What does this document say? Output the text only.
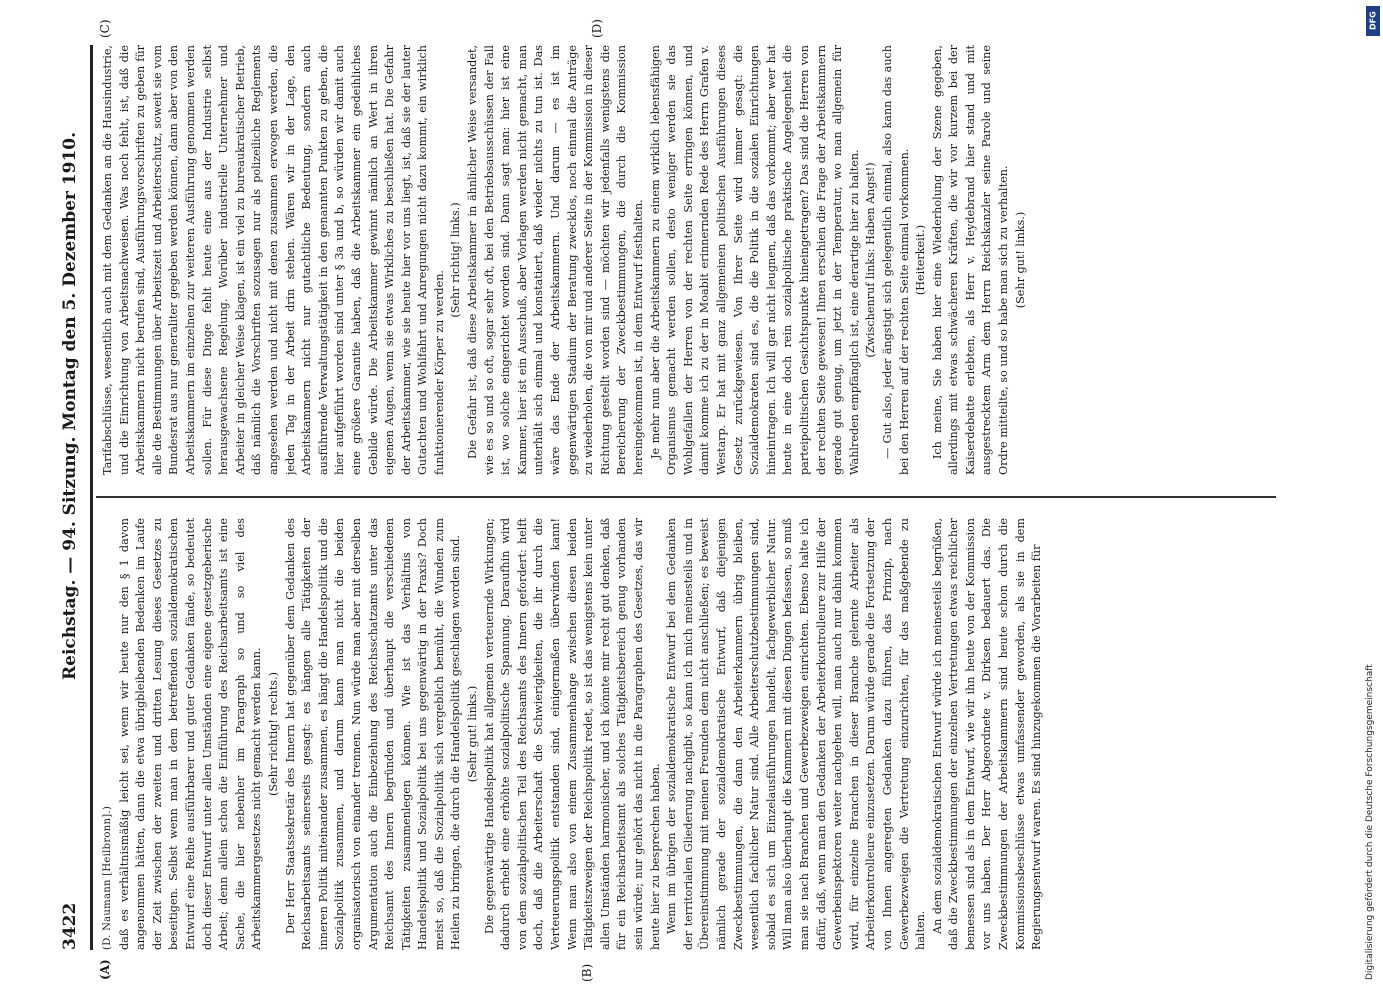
3422
Reichstag. — 94. Sitzung. Montag den 5. Dezember 1910.
(A)	(B)
(C)	(D)

(D. Naumann [Heilbronn].) daß es verhältnismäßig leicht sei, wenn wir heute nur den § 1 davon angenommen hätten, dann die etwa übrigbleibenden Bedenken im Laufe der Zeit zwischen der zweiten und dritten Lesung dieses Gesetzes zu beseitigen. Selbst wenn man in dem betreffenden sozialdemokratischen Entwurf eine Reihe ausführbarer und guter Gedanken fände, so bedeutet doch dieser Entwurf unter allen Umständen eine eigene gesetzgeberische Arbeit; denn allein schon die Einführung des Reichsarbeitsamts ist eine Sache, die hier nebenher im Paragraph so und so viel des Arbeitskammergesetzes nicht gemacht werden kann. (Sehr richtig! rechts.) Der Herr Staatssekretär des Innern hat gegenüber dem Gedanken des Reichsarbeitsamts seinerseits gesagt: es hängen alle Tätigkeiten der inneren Politik miteinander zusammen, es hängt die Handelspolitik und die Sozialpolitik zusammen, und darum kann man nicht die beiden organisatorisch von einander trennen. Nun würde man aber mit derselben Argumentation auch die Einbeziehung des Reichsschatzamts unter das Reichsamt des Innern begründen und überhaupt die verschiedenen Tätigkeiten zusammenlegen können. Wie ist das Verhältnis von Handelspolitik und Sozialpolitik bei uns gegenwärtig in der Praxis? Doch meist so, daß die Sozialpolitik sich vergeblich bemüht, die Wunden zum Heilen zu bringen, die durch die Handelspolitik geschlagen worden sind. (Sehr gut! links.) Die gegenwärtige Handelspolitik hat allgemein verteuernde Wirkungen; dadurch erhebt eine erhöhte sozialpolitische Spannung. Daraufhin wird von dem sozialpolitischen Teil des Reichsamts des Innern gefordert: helft doch, daß die Arbeiterschaft die Schwierigkeiten, die ihr durch die Verteuerungspolitik entstanden sind, einigermaßen überwinden kann! Wenn man also von einem Zusammenhange zwischen diesen beiden Tätigkeitszweigen der Reichspolitik redet, so ist das wenigstens kein unter allen Umständen harmonischer, und ich könnte mir recht gut denken, daß für ein Reichsarbeitsamt als solches Tätigkeitsbereich genug vorhanden sein würde; nur gehört das nicht in die Paragraphen des Gesetzes, das wir heute hier zu besprechen haben. Wenn im übrigen der sozialdemokratische Entwurf bei dem Gedanken der territorialen Gliederung nachgibt, so kann ich mich meinesteils und in Übereinstimmung mit meinen Freunden dem nicht anschließen; es beweist nämlich gerade der sozialdemokratische Entwurf, daß diejenigen Zweckbestimmungen, die dann den Arbeiterkammern übrig bleiben, wesentlich fachlicher Natur sind. Alle Arbeiterschutzbestimmungen sind, sobald es sich um Einzelausführungen handelt, fachgewerblicher Natur. Will man also überhaupt die Kammern mit diesen Dingen befassen, so muß man sie nach Branchen und Gewerbezweigen einrichten. Ebenso halte ich dafür, daß, wenn man den Gedanken der Arbeiterkontrolleure zur Hilfe der Gewerbeinspektoren weiter nachgehen will, man auch nur dahin kommen wird, für einzelne Branchen in dieser Branche gelernte Arbeiter als Arbeiterkontrolleure einzusetzen. Darum würde gerade die Fortsetzung der von Ihnen angeregten Gedanken dazu führen, das Prinzip, nach Gewerbezweigen die Vertretung einzurichten, für das maßgebende zu halten. An dem sozialdemokratischen Entwurf würde ich meinesteils begrüßen, daß die Zweckbestimmungen der einzelnen Vertretungen etwas reichlicher bemessen sind als in dem Entwurf, wie wir ihn heute von der Kommission vor uns haben. Der Herr Abgeordnete v. Dirksen bedauert das. Die Zweckbestimmungen der Arbeitskammern sind heute schon durch die Kommissionsbeschlüsse etwas umfassender geworden, als sie in dem Regierungsentwurf waren. Es sind hinzugekommen die Vorarbeiten für

Tarifabschlüsse, wesentlich auch mit dem Gedanken an die Hausindustrie, und die Einrichtung von Arbeitsnachweisen. Was noch fehlt, ist, daß die Arbeitskammern nicht berufen sind, Ausführungsvorschriften zu geben für alle die Bestimmungen über Arbeitszeit und Arbeiterschutz, soweit sie vom Bundesrat aus nur generaliter gegeben werden können, dann aber von den Arbeitskammern im einzelnen zur weiteren Ausführung genommen werden sollen. Für diese Dinge fehlt heute eine aus der Industrie selbst herausgewachsene Regelung. Worüber industrielle Unternehmer und Arbeiter in gleicher Weise klagen, ist ein viel zu bureaukratischer Betrieb, daß nämlich die Vorschriften sozusagen nur als polizeiliche Reglements angesehen werden und nicht mit denen zusammen erwogen werden, die jeden Tag in der Arbeit drin stehen. Wären wir in der Lage, den Arbeitskammern nicht nur gutachtliche Bedeutung, sondern auch ausführende Verwaltungstätigkeit in den genannten Punkten zu geben, die hier aufgeführt worden sind unter § 3a und b, so würden wir damit auch eine größere Garantie haben, daß die Arbeitskammer ein gedeihliches Gebilde würde. Die Arbeitskammer gewinnt nämlich an Wert in ihren eigenen Augen, wenn sie etwas Wirkliches zu beschließen hat. Die Gefahr der Arbeitskammer, wie sie heute hier vor uns liegt, ist, daß sie der lauter Gutachten und Wohlfahrt und Anregungen nicht dazu kommt, ein wirklich funktionierender Körper zu werden.

(Sehr richtig! links.) Die Gefahr ist, daß diese Arbeitskammer in ähnlicher Weise versandet, wie es so und so oft, sogar sehr oft, bei den Betriebsausschüssen der Fall ist, wo solche eingerichtet worden sind. Dann sagt man: hier ist eine Kammer, hier ist ein Ausschuß, aber Vorlagen werden nicht gemacht, man unterhält sich einmal und konstatiert, daß wieder nichts zu tun ist. Das wäre das Ende der Arbeitskammern. Und darum — es ist im gegenwärtigen Stadium der Beratung zwecklos, noch einmal die Anträge zu wiederholen, die von mir und anderer Seite in der Kommission in dieser Richtung gestellt worden sind — möchten wir jedenfalls wenigstens die Bereicherung der Zweckbestimmungen, die durch die Kommission hereingekommen ist, in dem Entwurf festhalten. Je mehr nun aber die Arbeitskammern zu einem wirklich lebensfähigen Organismus gemacht werden sollen, desto weniger werden sie das Wohlgefallen der Herren von der rechten Seite erringen können, und damit komme ich zu der in Moabit erinnernden Rede des Herrn Grafen v. Westarp. Er hat mit ganz allgemeinen politischen Ausführungen dieses Gesetz zurückgewiesen. Von Ihrer Seite wird immer gesagt: die Sozialdemokraten sind es, die die Politik in die sozialen Einrichtungen hineintragen. Ich will gar nicht leugnen, daß das vorkommt; aber wer hat heute in eine doch rein sozialpolitische praktische Angelegenheit die parteipolitischen Gesichtspunkte hineingetragen? Das sind die Herren von der rechten Seite gewesen! Ihnen erschien die Frage der Arbeitskammern gerade gut genug, um jetzt in der Temperatur, wo man allgemein für Wahlreden empfänglich ist, eine derartige hier zu halten. (Zwischenruf links: Haben Angst!) — Gut also, jeder ängstigt sich gelegentlich einmal, also kann das auch bei den Herren auf der rechten Seite einmal vorkommen. (Heiterkeit.) Ich meine, Sie haben hier eine Wiederholung der Szene gegeben, allerdings mit etwas schwächeren Kräften, die wir vor kurzem bei der Kaiserdebatte erlebten, als Herr v. Heydebrand hier stand und mit ausgestrecktem Arm dem Herrn Reichskanzler seine Parole und seine Ordre mitteilte, so und so habe man sich zu verhalten. (Sehr gut! links.)

DFG
Digitalisierung gefördert durch die Deutsche Forschungsgemeinschaft
